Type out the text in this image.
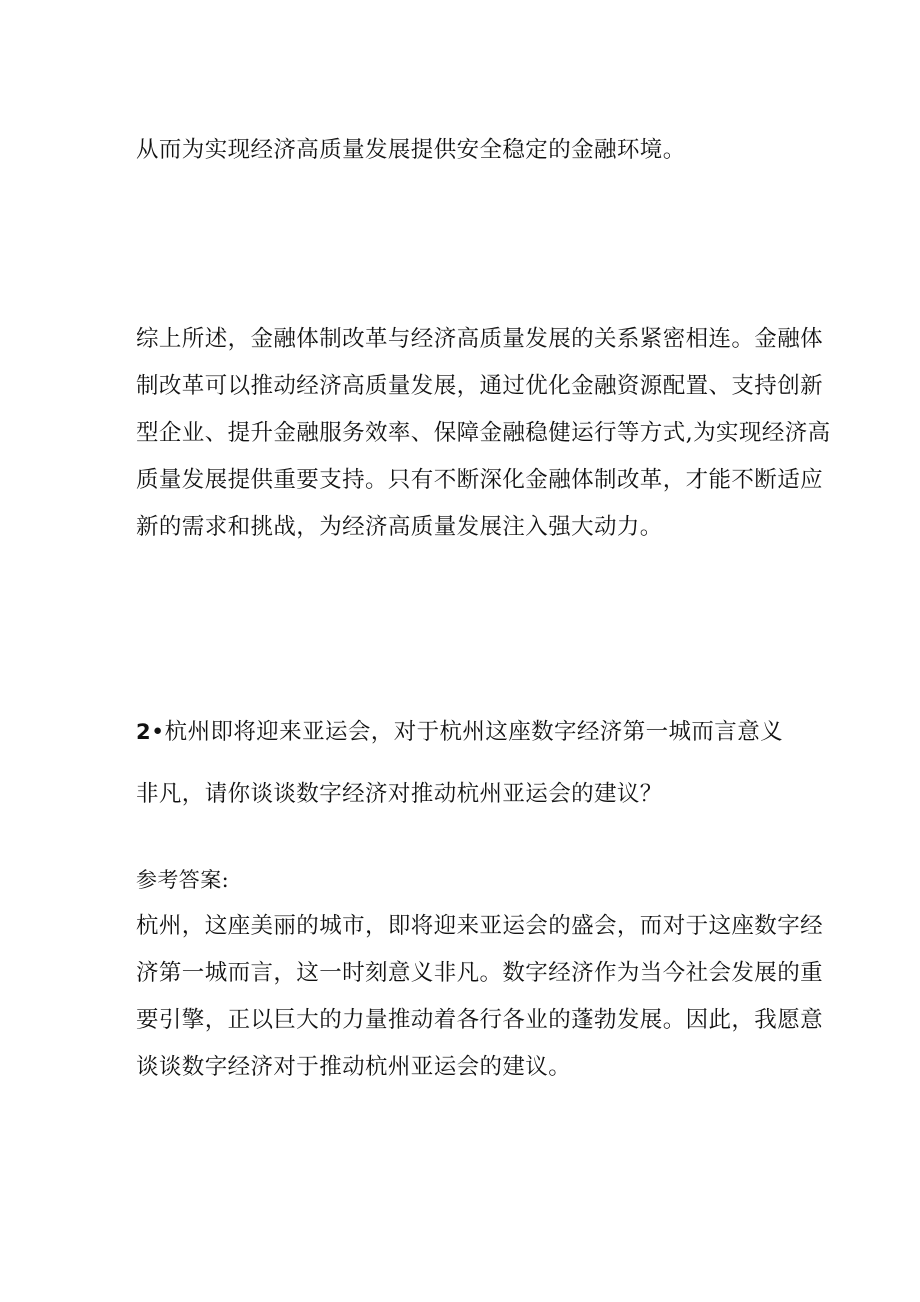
从而为实现经济高质量发展提供安全稳定的金融环境。
综上所述，金融体制改革与经济高质量发展的关系紧密相连。金融体
制改革可以推动经济高质量发展，通过优化金融资源配置、支持创新
型企业、提升金融服务效率、保障金融稳健运行等方式,为实现经济高
质量发展提供重要支持。只有不断深化金融体制改革，才能不断适应
新的需求和挑战，为经济高质量发展注入强大动力。
2•杭州即将迎来亚运会，对于杭州这座数字经济第一城而言意义
非凡，请你谈谈数字经济对推动杭州亚运会的建议？
参考答案:
杭州，这座美丽的城市，即将迎来亚运会的盛会，而对于这座数字经
济第一城而言，这一时刻意义非凡。数字经济作为当今社会发展的重
要引擎，正以巨大的力量推动着各行各业的蓬勃发展。因此，我愿意
谈谈数字经济对于推动杭州亚运会的建议。
